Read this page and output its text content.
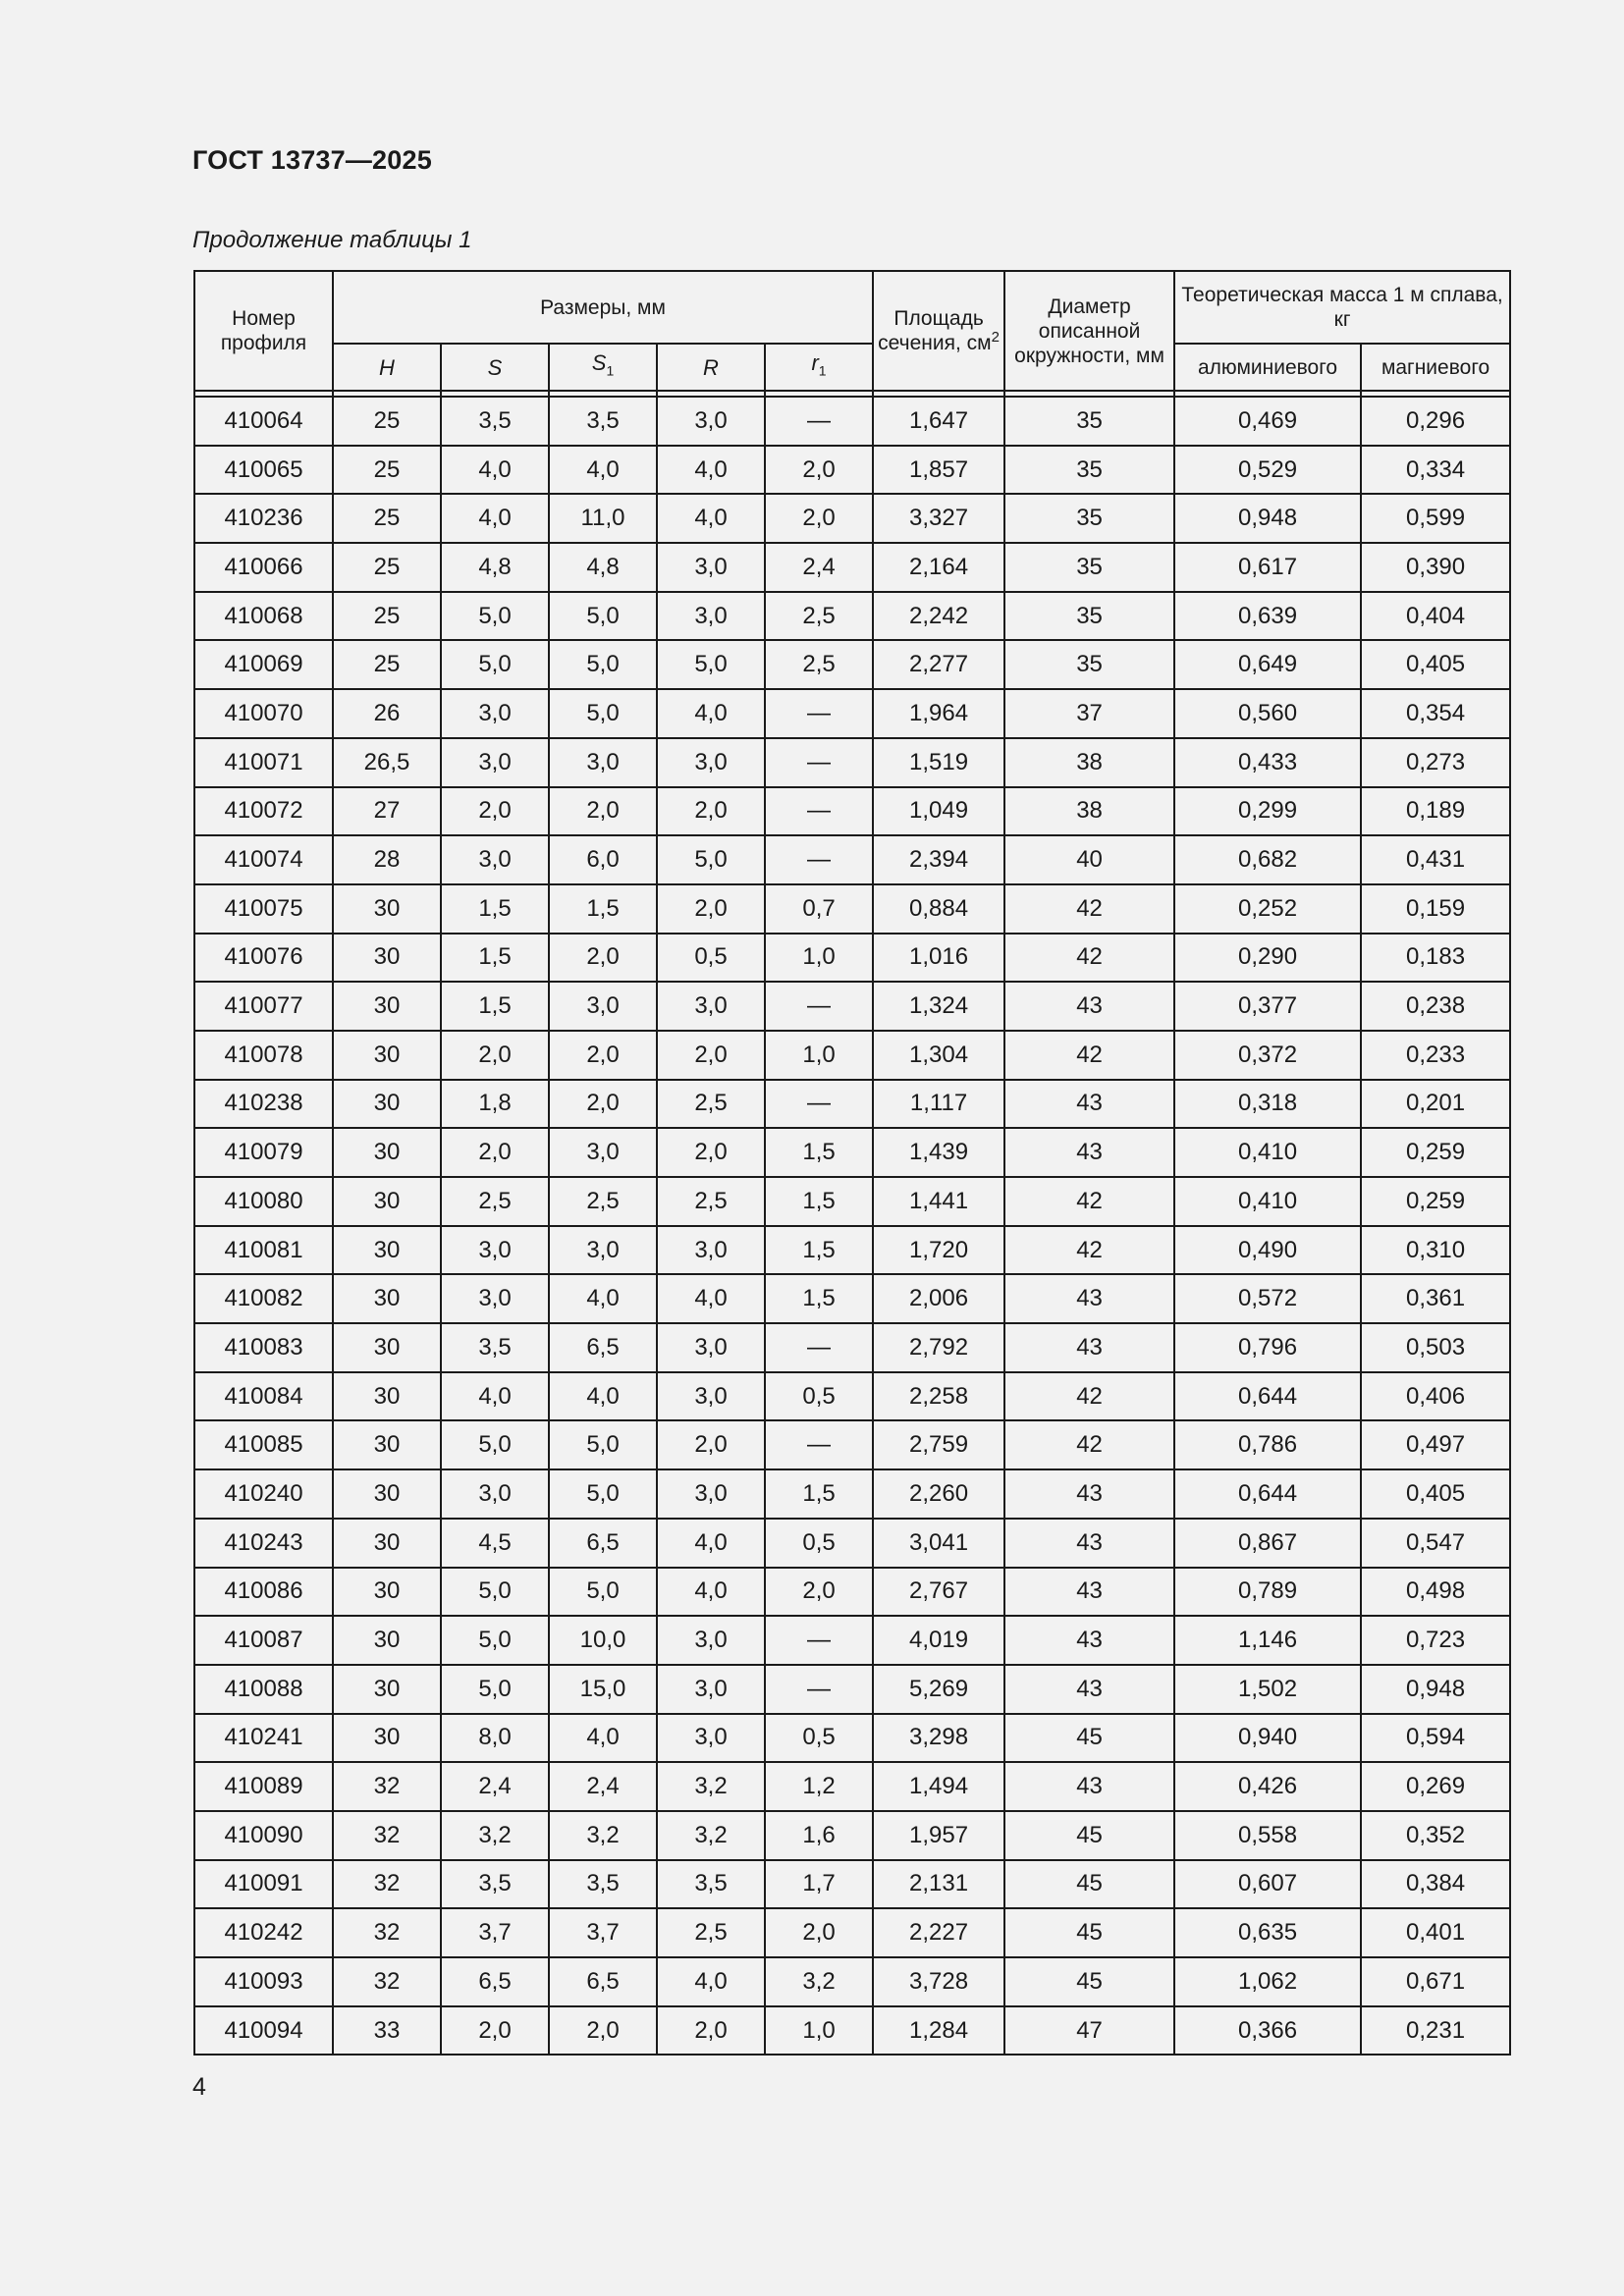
ГОСТ 13737—2025
Продолжение таблицы 1
Номер профиля	Размеры, мм					Площадь сечения, $см^2$	Диаметр описанной окружности, мм	Теоретическая масса 1 м сплава, кг	
	H	S	$S_1$	R	$r_1$			алюминиевого	магниевого

410064	25	3,5	3,5	3,0	—	1,647	35	0,469	0,296
410065	25	4,0	4,0	4,0	2,0	1,857	35	0,529	0,334
410236	25	4,0	11,0	4,0	2,0	3,327	35	0,948	0,599
410066	25	4,8	4,8	3,0	2,4	2,164	35	0,617	0,390
410068	25	5,0	5,0	3,0	2,5	2,242	35	0,639	0,404
410069	25	5,0	5,0	5,0	2,5	2,277	35	0,649	0,405
410070	26	3,0	5,0	4,0	—	1,964	37	0,560	0,354
410071	26,5	3,0	3,0	3,0	—	1,519	38	0,433	0,273
410072	27	2,0	2,0	2,0	—	1,049	38	0,299	0,189
410074	28	3,0	6,0	5,0	—	2,394	40	0,682	0,431
410075	30	1,5	1,5	2,0	0,7	0,884	42	0,252	0,159
410076	30	1,5	2,0	0,5	1,0	1,016	42	0,290	0,183
410077	30	1,5	3,0	3,0	—	1,324	43	0,377	0,238
410078	30	2,0	2,0	2,0	1,0	1,304	42	0,372	0,233
410238	30	1,8	2,0	2,5	—	1,117	43	0,318	0,201
410079	30	2,0	3,0	2,0	1,5	1,439	43	0,410	0,259
410080	30	2,5	2,5	2,5	1,5	1,441	42	0,410	0,259
410081	30	3,0	3,0	3,0	1,5	1,720	42	0,490	0,310
410082	30	3,0	4,0	4,0	1,5	2,006	43	0,572	0,361
410083	30	3,5	6,5	3,0	—	2,792	43	0,796	0,503
410084	30	4,0	4,0	3,0	0,5	2,258	42	0,644	0,406
410085	30	5,0	5,0	2,0	—	2,759	42	0,786	0,497
410240	30	3,0	5,0	3,0	1,5	2,260	43	0,644	0,405
410243	30	4,5	6,5	4,0	0,5	3,041	43	0,867	0,547
410086	30	5,0	5,0	4,0	2,0	2,767	43	0,789	0,498
410087	30	5,0	10,0	3,0	—	4,019	43	1,146	0,723
410088	30	5,0	15,0	3,0	—	5,269	43	1,502	0,948
410241	30	8,0	4,0	3,0	0,5	3,298	45	0,940	0,594
410089	32	2,4	2,4	3,2	1,2	1,494	43	0,426	0,269
410090	32	3,2	3,2	3,2	1,6	1,957	45	0,558	0,352
410091	32	3,5	3,5	3,5	1,7	2,131	45	0,607	0,384
410242	32	3,7	3,7	2,5	2,0	2,227	45	0,635	0,401
410093	32	6,5	6,5	4,0	3,2	3,728	45	1,062	0,671
410094	33	2,0	2,0	2,0	1,0	1,284	47	0,366	0,231
4
